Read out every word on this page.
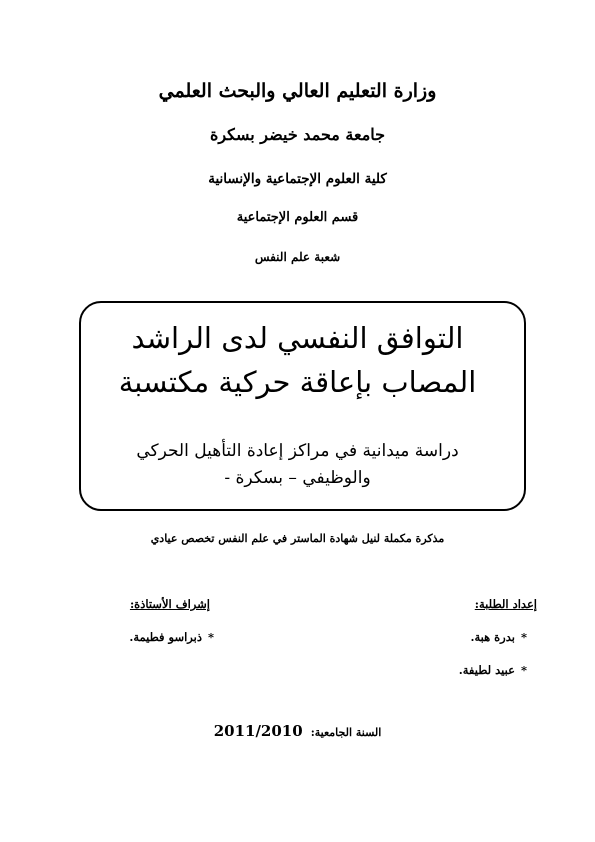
وزارة التعليم العالي والبحث العلمي
جامعة محمد خيضر بسكرة
كلية العلوم الإجتماعية والإنسانية
قسم العلوم الإجتماعية
شعبة علم النفس
التوافق النفسي لدى الراشد
المصاب بإعاقة حركية مكتسبة
دراسة ميدانية في مراكز إعادة التأهيل الحركي
والوظيفي – بسكرة -
مذكرة مكملة لنيل شهادة الماستر في علم النفس تخصص عيادي
إعداد الطلبة:
إشراف الأستاذة:
*بدرة هبة.
*عبيد لطيفة.
*ذبراسو فطيمة.
السنة الجامعية:2011/2010
